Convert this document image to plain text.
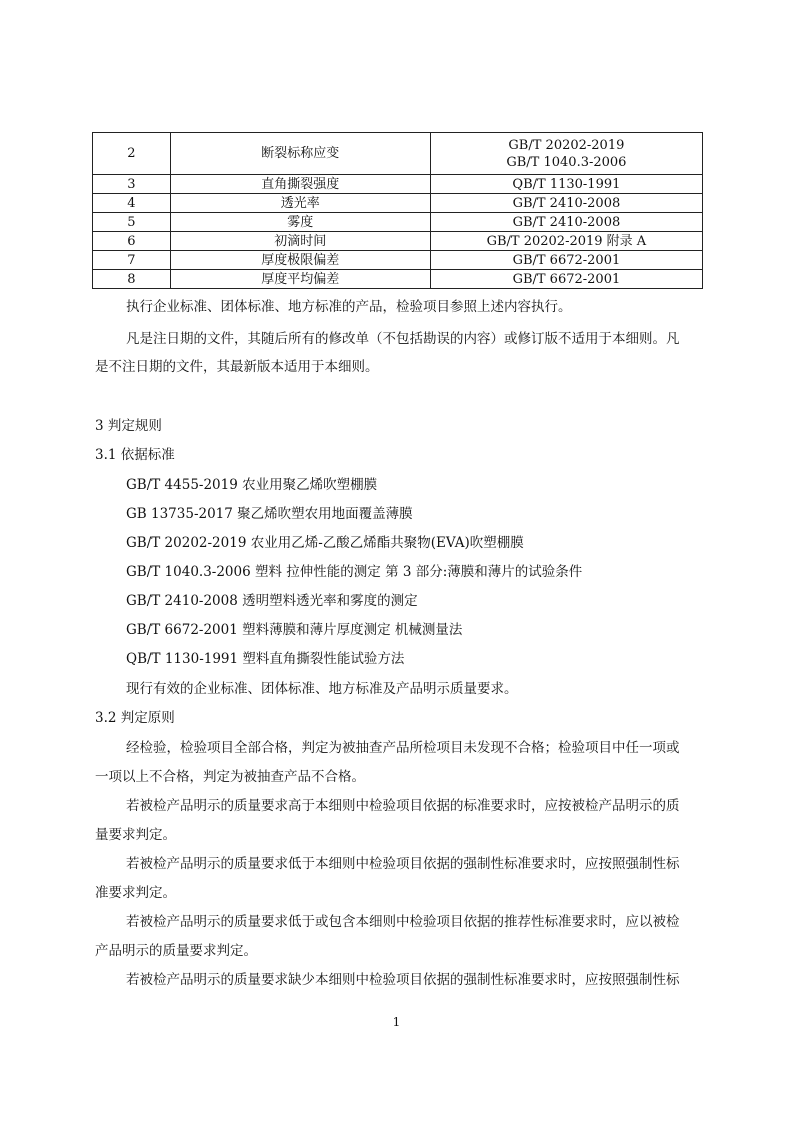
2	断裂标称应变	GB/T 20202-2019
GB/T 1040.3-2006

3	直角撕裂强度	QB/T 1130-1991
4	透光率	GB/T 2410-2008
5	雾度	GB/T 2410-2008
6	初滴时间	GB/T 20202-2019 附录 A
7	厚度极限偏差	GB/T 6672-2001
8	厚度平均偏差	GB/T 6672-2001
执行企业标准、团体标准、地方标准的产品，检验项目参照上述内容执行。
凡是注日期的文件，其随后所有的修改单（不包括勘误的内容）或修订版不适用于本细则。凡
是不注日期的文件，其最新版本适用于本细则。
3 判定规则
3.1 依据标准
GB/T 4455-2019 农业用聚乙烯吹塑棚膜
GB 13735-2017 聚乙烯吹塑农用地面覆盖薄膜
GB/T 20202-2019 农业用乙烯-乙酸乙烯酯共聚物(EVA)吹塑棚膜
GB/T 1040.3-2006 塑料 拉伸性能的测定 第 3 部分:薄膜和薄片的试验条件
GB/T 2410-2008 透明塑料透光率和雾度的测定
GB/T 6672-2001 塑料薄膜和薄片厚度测定 机械测量法
QB/T 1130-1991 塑料直角撕裂性能试验方法
现行有效的企业标准、团体标准、地方标准及产品明示质量要求。
3.2 判定原则
经检验，检验项目全部合格，判定为被抽查产品所检项目未发现不合格；检验项目中任一项或
一项以上不合格，判定为被抽查产品不合格。
若被检产品明示的质量要求高于本细则中检验项目依据的标准要求时，应按被检产品明示的质
量要求判定。
若被检产品明示的质量要求低于本细则中检验项目依据的强制性标准要求时，应按照强制性标
准要求判定。
若被检产品明示的质量要求低于或包含本细则中检验项目依据的推荐性标准要求时，应以被检
产品明示的质量要求判定。
若被检产品明示的质量要求缺少本细则中检验项目依据的强制性标准要求时，应按照强制性标
1
